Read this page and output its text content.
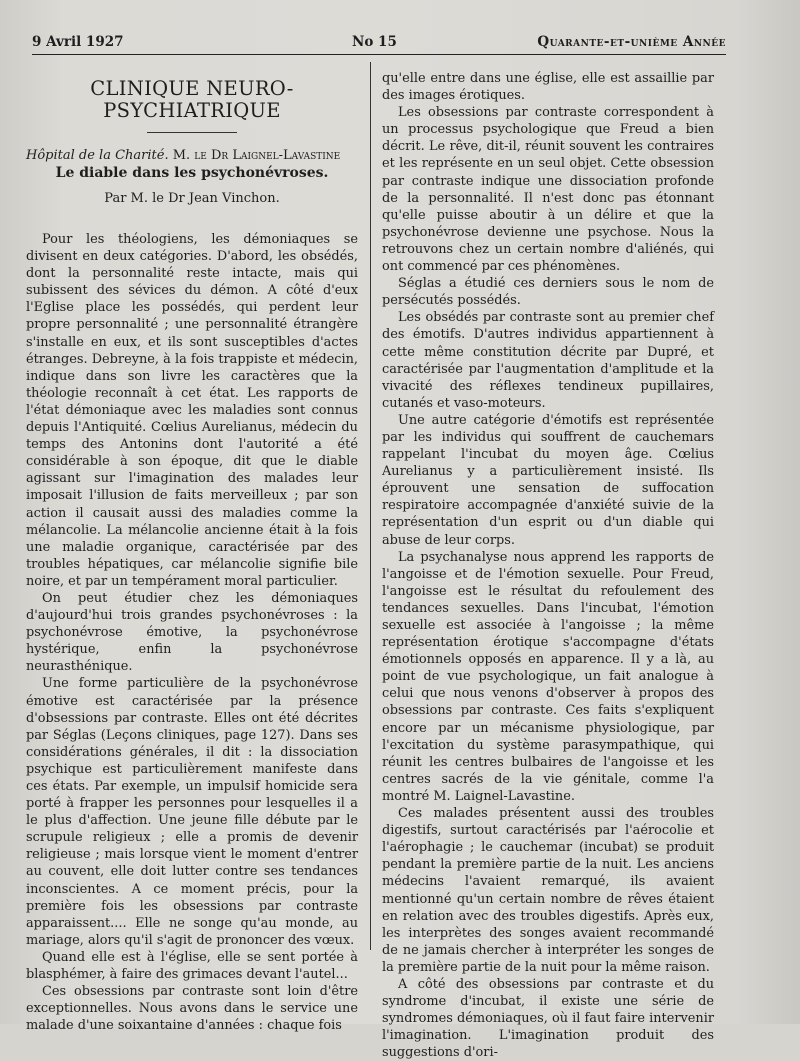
9 Avril 1927	No 15	Quarante-et-unième Année
CLINIQUE NEURO-PSYCHIATRIQUE

Hôpital de la Charité. M. le Dr Laignel-Lavastine

Le diable dans les psychonévroses.
Par M. le Dr Jean Vinchon.

Pour les théologiens, les démoniaques se divisent en deux catégories. D'abord, les obsédés, dont la personnalité reste intacte, mais qui subissent des sévices du démon. A côté d'eux l'Eglise place les possédés, qui perdent leur propre personnalité ; une personnalité étrangère s'installe en eux, et ils sont susceptibles d'actes étranges. Debreyne, à la fois trappiste et médecin, indique dans son livre les caractères que la théologie reconnaît à cet état. Les rapports de l'état démoniaque avec les maladies sont connus depuis l'Antiquité. Cœlius Aurelianus, médecin du temps des Antonins dont l'autorité a été considérable à son époque, dit que le diable agissant sur l'imagination des malades leur imposait l'illusion de faits merveilleux ; par son action il causait aussi des maladies comme la mélancolie. La mélancolie ancienne était à la fois une maladie organique, caractérisée par des troubles hépatiques, car mélancolie signifie bile noire, et par un tempérament moral particulier.

On peut étudier chez les démoniaques d'aujourd'hui trois grandes psychonévroses : la psychonévrose émotive, la psychonévrose hystérique, enfin la psychonévrose neurasthénique.

Une forme particulière de la psychonévrose émotive est caractérisée par la présence d'obsessions par contraste. Elles ont été décrites par Séglas (Leçons cliniques, page 127). Dans ses considérations générales, il dit : la dissociation psychique est particulièrement manifeste dans ces états. Par exemple, un impulsif homicide sera porté à frapper les personnes pour lesquelles il a le plus d'affection. Une jeune fille débute par le scrupule religieux ; elle a promis de devenir religieuse ; mais lorsque vient le moment d'entrer au couvent, elle doit lutter contre ses tendances inconscientes. A ce moment précis, pour la première fois les obsessions par contraste apparaissent.... Elle ne songe qu'au monde, au mariage, alors qu'il s'agit de prononcer des vœux.

Quand elle est à l'église, elle se sent portée à blasphémer, à faire des grimaces devant l'autel...

Ces obsessions par contraste sont loin d'être exceptionnelles. Nous avons dans le service une malade d'une soixantaine d'années : chaque fois

qu'elle entre dans une église, elle est assaillie par des images érotiques.

Les obsessions par contraste correspondent à un processus psychologique que Freud a bien décrit. Le rêve, dit-il, réunit souvent les contraires et les représente en un seul objet. Cette obsession par contraste indique une dissociation profonde de la personnalité. Il n'est donc pas étonnant qu'elle puisse aboutir à un délire et que la psychonévrose devienne une psychose. Nous la retrouvons chez un certain nombre d'aliénés, qui ont commencé par ces phénomènes.

Séglas a étudié ces derniers sous le nom de persécutés possédés.

Les obsédés par contraste sont au premier chef des émotifs. D'autres individus appartiennent à cette même constitution décrite par Dupré, et caractérisée par l'augmentation d'amplitude et la vivacité des réflexes tendineux pupillaires, cutanés et vaso-moteurs.

Une autre catégorie d'émotifs est représentée par les individus qui souffrent de cauchemars rappelant l'incubat du moyen âge. Cœlius Aurelianus y a particulièrement insisté. Ils éprouvent une sensation de suffocation respiratoire accompagnée d'anxiété suivie de la représentation d'un esprit ou d'un diable qui abuse de leur corps.

La psychanalyse nous apprend les rapports de l'angoisse et de l'émotion sexuelle. Pour Freud, l'angoisse est le résultat du refoulement des tendances sexuelles. Dans l'incubat, l'émotion sexuelle est associée à l'angoisse ; la même représentation érotique s'accompagne d'états émotionnels opposés en apparence. Il y a là, au point de vue psychologique, un fait analogue à celui que nous venons d'observer à propos des obsessions par contraste. Ces faits s'expliquent encore par un mécanisme physiologique, par l'excitation du système parasympathique, qui réunit les centres bulbaires de l'angoisse et les centres sacrés de la vie génitale, comme l'a montré M. Laignel-Lavastine.

Ces malades présentent aussi des troubles digestifs, surtout caractérisés par l'aérocolie et l'aérophagie ; le cauchemar (incubat) se produit pendant la première partie de la nuit. Les anciens médecins l'avaient remarqué, ils avaient mentionné qu'un certain nombre de rêves étaient en relation avec des troubles digestifs. Après eux, les interprètes des songes avaient recommandé de ne jamais chercher à interpréter les songes de la première partie de la nuit pour la même raison.

A côté des obsessions par contraste et du syndrome d'incubat, il existe une série de syndromes démoniaques, où il faut faire intervenir l'imagination. L'imagination produit des suggestions d'ori-
